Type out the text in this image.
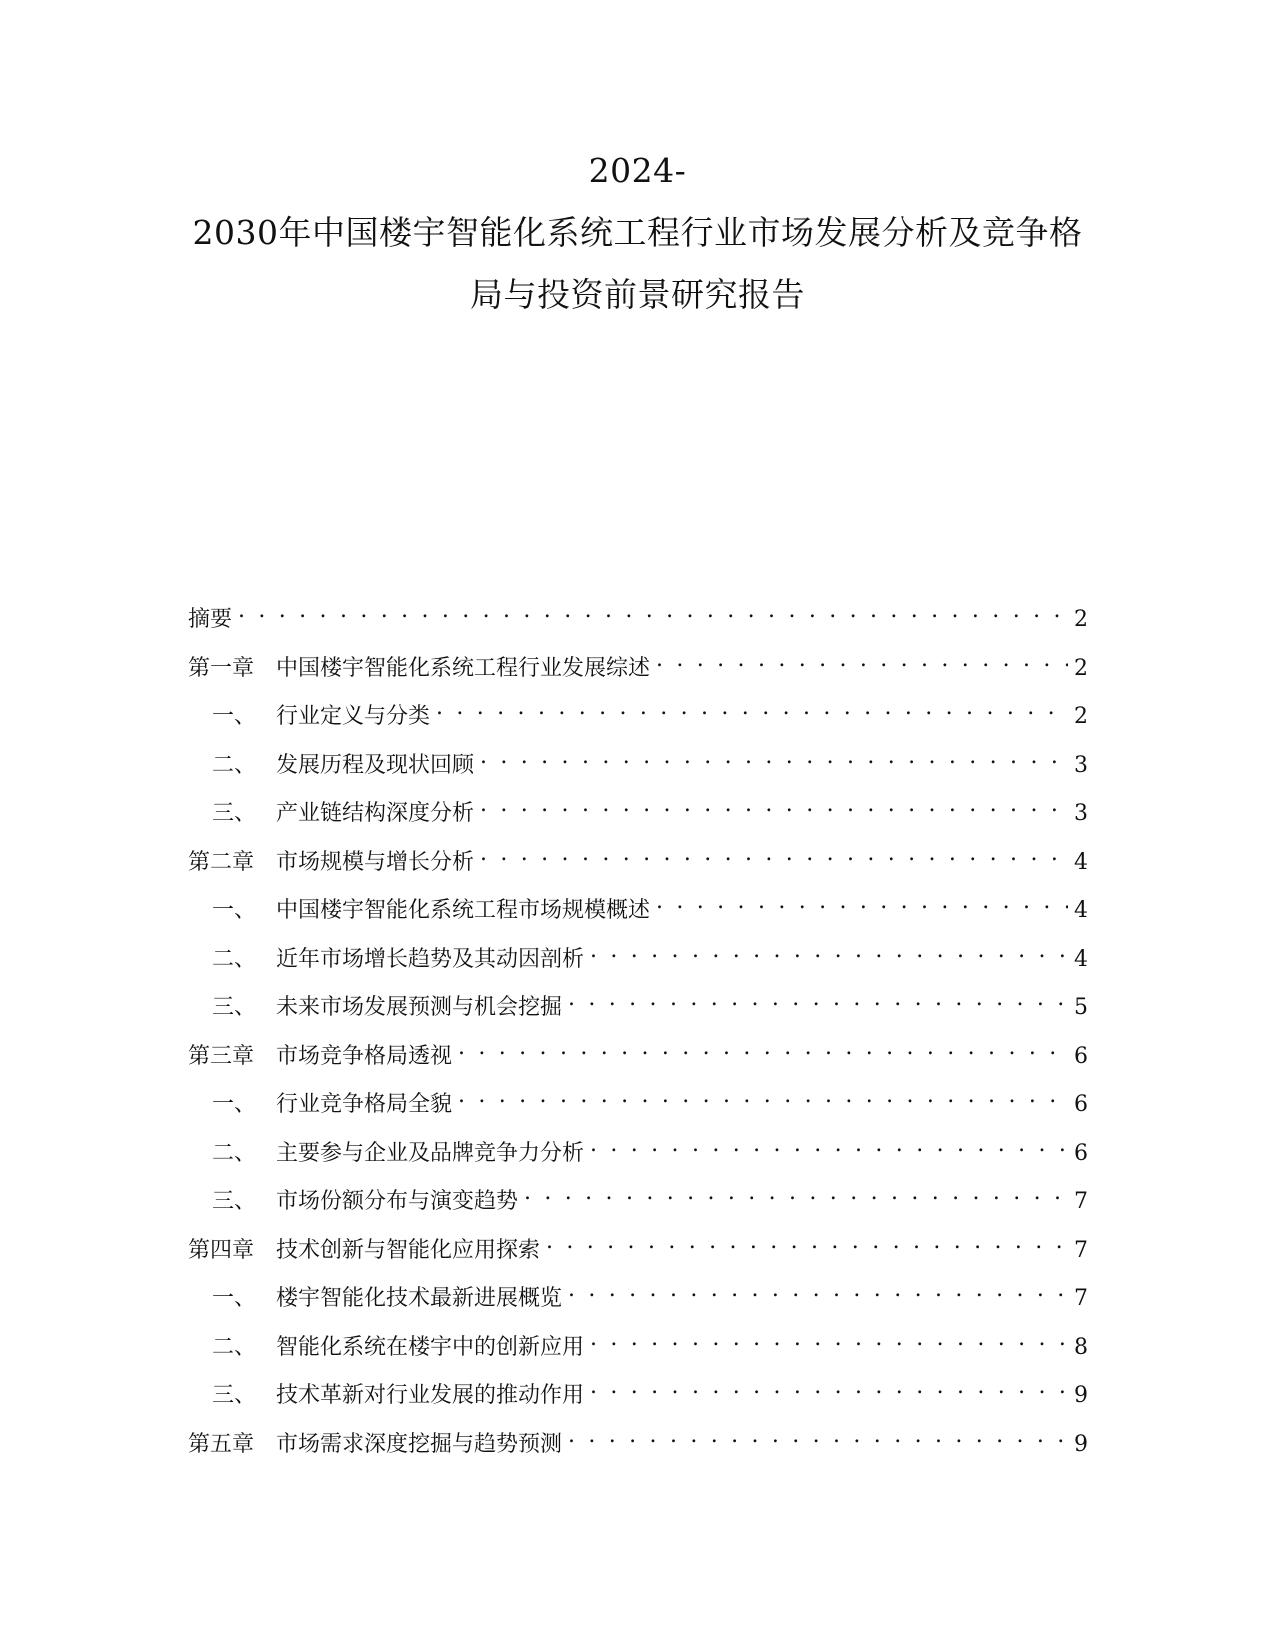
2024-
2030年中国楼宇智能化系统工程行业市场发展分析及竞争格
局与投资前景研究报告
摘要 . . .	2
第一章 中国楼宇智能化系统工程行业发展综述 . . .	2
一、 行业定义与分类 . . .	2
二、 发展历程及现状回顾 . . .	3
三、 产业链结构深度分析 . . .	3
第二章 市场规模与增长分析 . . .	4
一、 中国楼宇智能化系统工程市场规模概述 . . .	4
二、 近年市场增长趋势及其动因剖析 . . .	4
三、 未来市场发展预测与机会挖掘 . . .	5
第三章 市场竞争格局透视 . . .	6
一、 行业竞争格局全貌 . . .	6
二、 主要参与企业及品牌竞争力分析 . . .	6
三、 市场份额分布与演变趋势 . . .	7
第四章 技术创新与智能化应用探索 . . .	7
一、 楼宇智能化技术最新进展概览 . . .	7
二、 智能化系统在楼宇中的创新应用 . . .	8
三、 技术革新对行业发展的推动作用 . . .	9
第五章 市场需求深度挖掘与趋势预测 . . .	9
